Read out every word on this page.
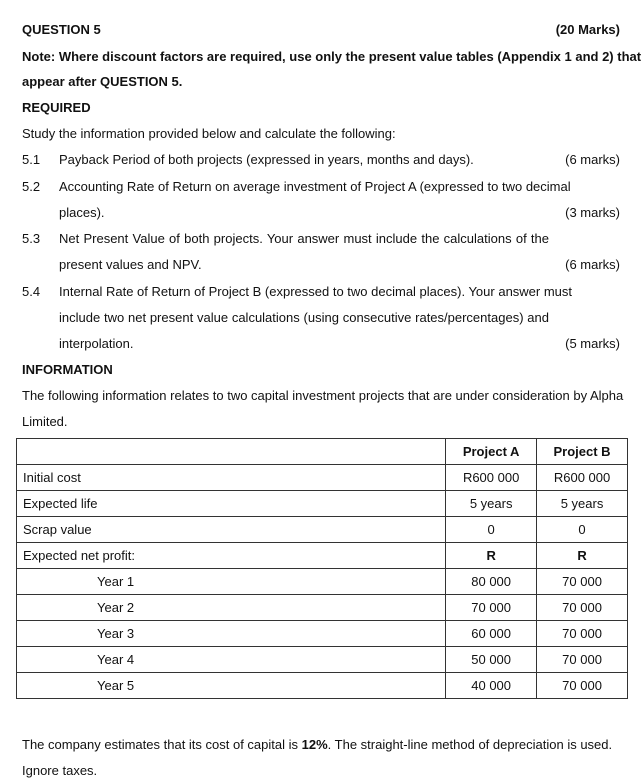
QUESTION 5	(20 Marks)
Note: Where discount factors are required, use only the present value tables (Appendix 1 and 2) that
appear after QUESTION 5.
REQUIRED
Study the information provided below and calculate the following:
5.1 Payback Period of both projects (expressed in years, months and days).	(6 marks)
5.2 Accounting Rate of Return on average investment of Project A (expressed to two decimal
places).	(3 marks)
5.3 Net Present Value of both projects. Your answer must include the calculations of the
present values and NPV.	(6 marks)
5.4 Internal Rate of Return of Project B (expressed to two decimal places). Your answer must
include two net present value calculations (using consecutive rates/percentages) and
interpolation.	(5 marks)
INFORMATION
The following information relates to two capital investment projects that are under consideration by Alpha
Limited.
	Project A	Project B
Initial cost	R600 000	R600 000
Expected life	5 years	5 years
Scrap value	0	0
Expected net profit:	R	R
Year 1	80 000	70 000
Year 2	70 000	70 000
Year 3	60 000	70 000
Year 4	50 000	70 000
Year 5	40 000	70 000
The company estimates that its cost of capital is 12%. The straight-line method of depreciation is used.
Ignore taxes.
